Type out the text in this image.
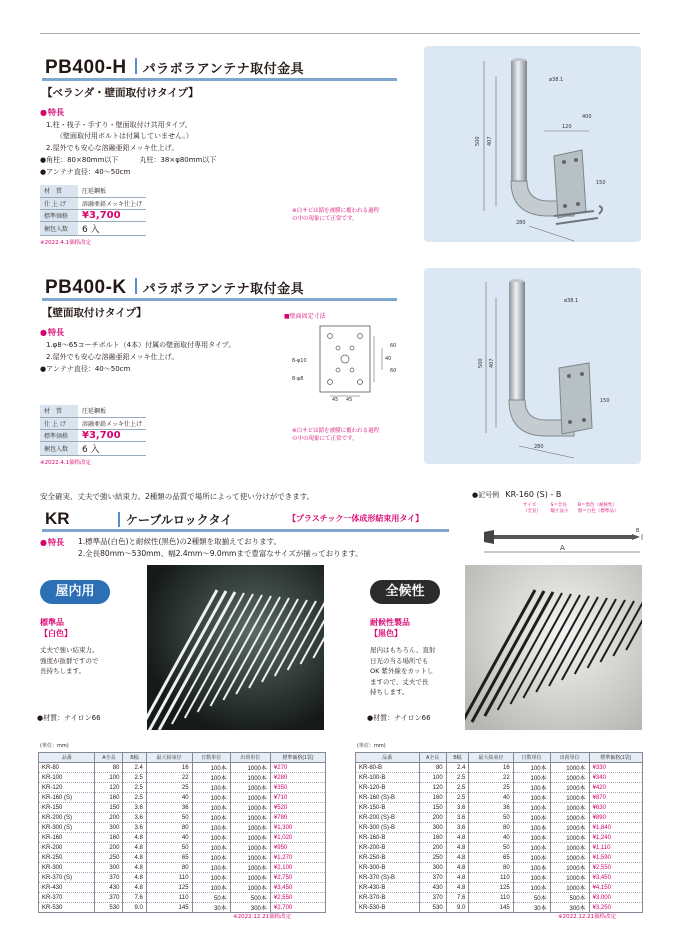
PB400-H パラボラアンテナ取付金具
【ベランダ・壁面取付けタイプ】
● 特長
1.柱・桟子・手すり・壁面取付け共用タイプ。
（壁面取付用ボルトは付属していません。）
2.屋外でも安心な溶融亜鉛メッキ仕上げ。
●角柱：80×80mm以下　　　丸柱：38×φ80mm以下
●アンテナ直径：40～50cm
材　質	圧延鋼板
仕 上 げ	溶融亜鉛メッキ仕上げ
標準価格	¥3,700
梱包入数	6 入
※2022.4.1価格改定
※白サビは錆を被膜に覆われる過程
の中の現象にて正常です。
ø38.1
120
500 407
150
280
400
PB400-K パラボラアンテナ取付金具
【壁面取付けタイプ】
● 特長
1.φ8～65コーチボルト（4本）付属の壁面取付専用タイプ。
2.屋外でも安心な溶融亜鉛メッキ仕上げ。
●アンテナ直径：40～50cm
■壁面固定寸法
8-φ10
8-φ8
45 45
40
60
60
材　質	圧延鋼板
仕 上 げ	溶融亜鉛メッキ仕上げ
標準価格	¥3,700
梱包入数	6 入
※2022.4.1価格改定
※白サビは錆を被膜に覆われる過程
の中の現象にて正常です。
ø38.1
500 407
150
280
安全確実、丈夫で強い結束力。2種類の品質で場所によって使い分けができます。
KR	ケーブルロックタイ	【プラスチック一体成形結束用タイ】
● 特長 1.標準品(白色)と耐候性(黒色)の2種類を取揃えております。
2.全長80mm～530mm、幅2.4mm～9.0mmまで豊富なサイズが揃っております。
●記号例 KR-160 (S) - B
サイズ
（全長） S＝全長
幅寸法小 B＝黒色（耐候性）
無＝白色（標準品）
A
B
屋内用
標準品
【白色】
丈夫で強い結束力。
強度が抜群ですので
長持ちします。
●材質：ナイロン66
全候性
耐候性製品
【黒色】
屋内はもちろん、直射
日光の当る場所でも
OK 紫外線をカットし
ますので、丈夫で長
持ちします。
●材質：ナイロン66
(単位：mm)
品番	A全長	B幅	最大結束径	日数単位	出荷単位	標準価格(1袋)
KR-80	80	2.4	16	100本	1000本	¥270
KR-100	100	2.5	22	100本	1000本	¥280
KR-120	120	2.5	25	100本	1000本	¥350
KR-160 (S)	160	2.5	40	100本	1000本	¥710
KR-150	150	3.6	36	100本	1000本	¥520
KR-200 (S)	200	3.6	50	100本	1000本	¥780
KR-300 (S)	300	3.6	80	100本	1000本	¥1,300
KR-160	160	4.8	40	100本	1000本	¥1,020
KR-200	200	4.8	50	100本	1000本	¥950
KR-250	250	4.8	65	100本	1000本	¥1,270
KR-300	300	4.8	80	100本	1000本	¥2,100
KR-370 (S)	370	4.8	110	100本	1000本	¥2,750
KR-430	430	4.8	125	100本	1000本	¥3,450
KR-370	370	7.6	110	50本	500本	¥2,550
KR-530	530	9.0	145	30本	300本	¥2,700
※2022.12.21価格改定
(単位：mm)
品番	A全長	B幅	最大結束径	日数単位	出荷単位	標準価格(1袋)
KR-80-B	80	2.4	16	100本	1000本	¥330
KR-100-B	100	2.5	22	100本	1000本	¥340
KR-120-B	120	2.5	25	100本	1000本	¥420
KR-160 (S)-B	160	2.5	40	100本	1000本	¥870
KR-150-B	150	3.6	36	100本	1000本	¥630
KR-200 (S)-B	200	3.6	50	100本	1000本	¥890
KR-300 (S)-B	300	3.6	80	100本	1000本	¥1,840
KR-160-B	160	4.8	40	100本	1000本	¥1,240
KR-200-B	200	4.8	50	100本	1000本	¥1,110
KR-250-B	250	4.8	65	100本	1000本	¥1,590
KR-300-B	300	4.8	80	100本	1000本	¥2,550
KR-370 (S)-B	370	4.8	110	100本	1000本	¥3,450
KR-430-B	430	4.8	125	100本	1000本	¥4,150
KR-370-B	370	7.6	110	50本	500本	¥3,000
KR-530-B	530	9.0	145	30本	300本	¥3,250
※2022.12.21価格改定
